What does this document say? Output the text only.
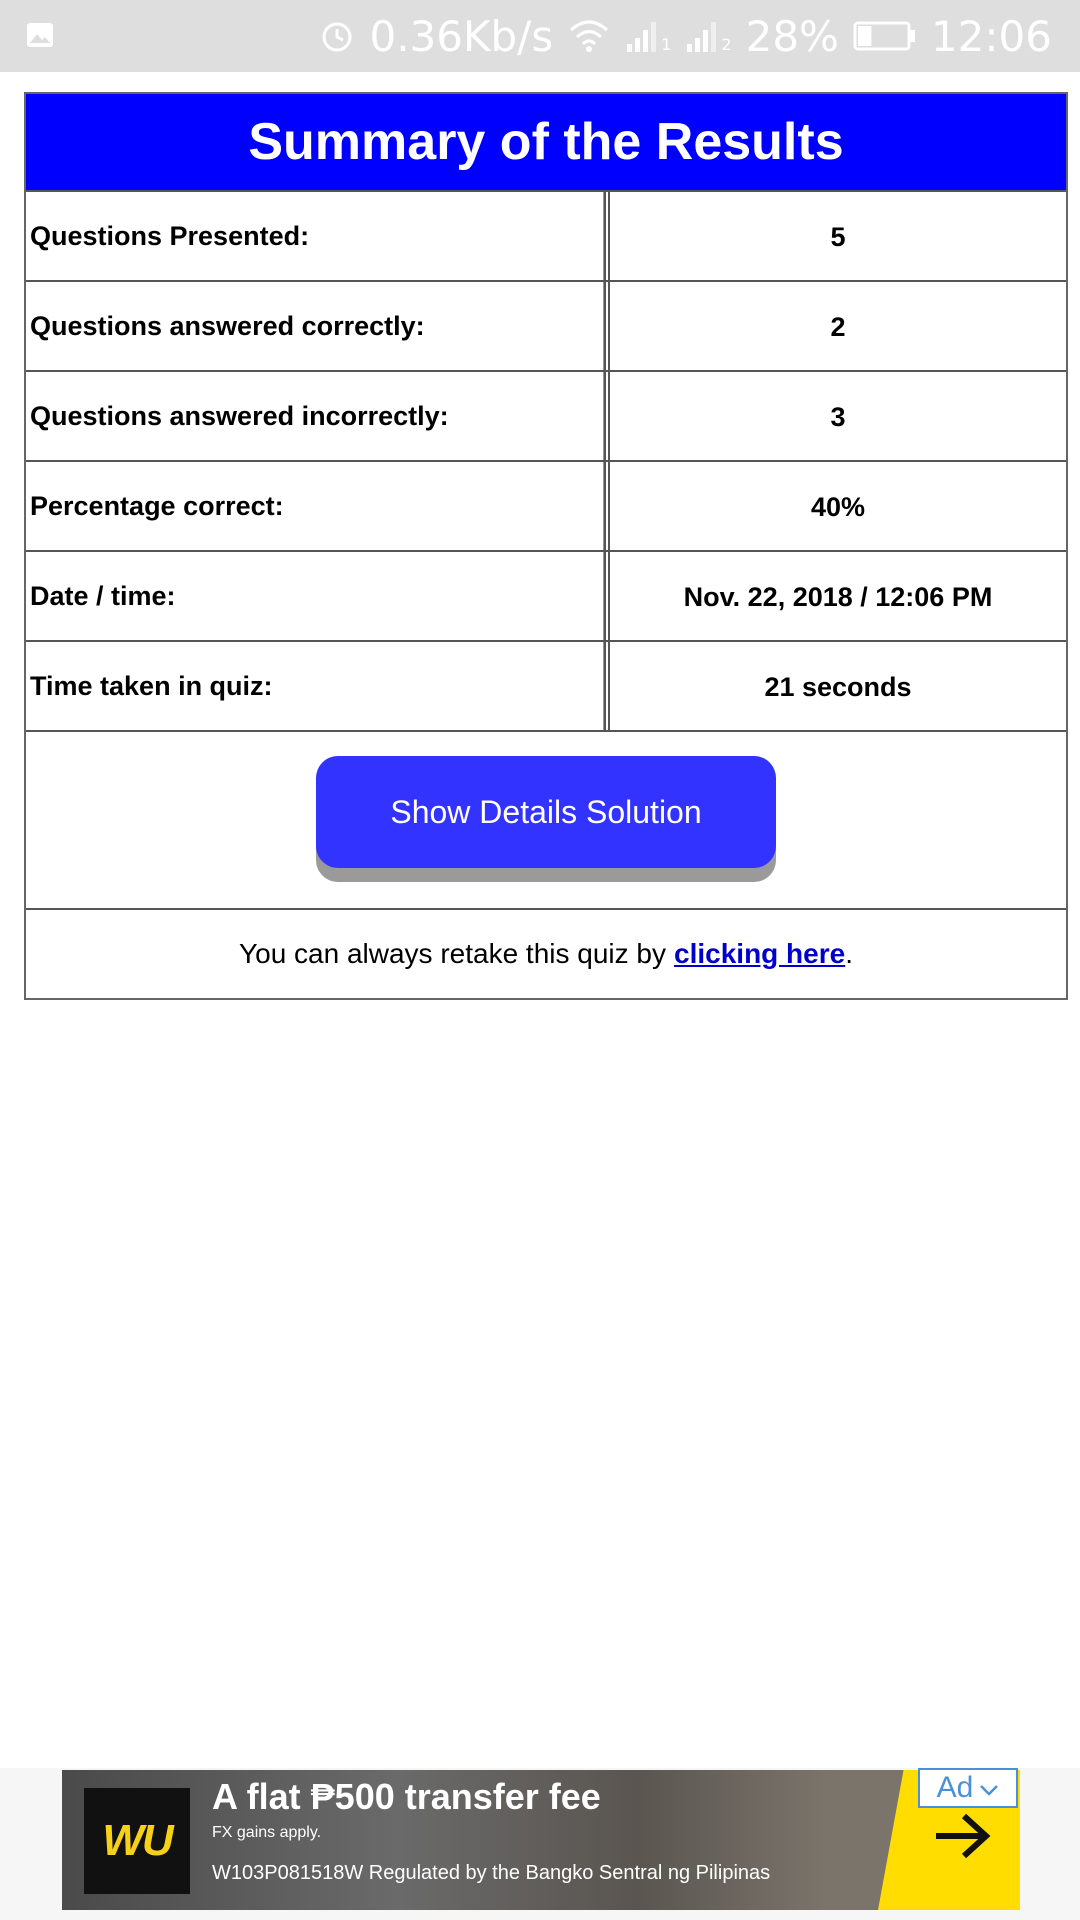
0.36Kb/s	1	2 28% 12:06
Summary of the Results
Questions Presented:	5
Questions answered correctly:	2
Questions answered incorrectly:	3
Percentage correct:	40%
Date / time:	Nov. 22, 2018 / 12:06 PM
Time taken in quiz:	21 seconds
Show Details Solution
You can always retake this quiz by clicking here .
WU
A flat ₱500 transfer fee
FX gains apply.
W103P081518W Regulated by the Bangko Sentral ng Pilipinas
Ad
